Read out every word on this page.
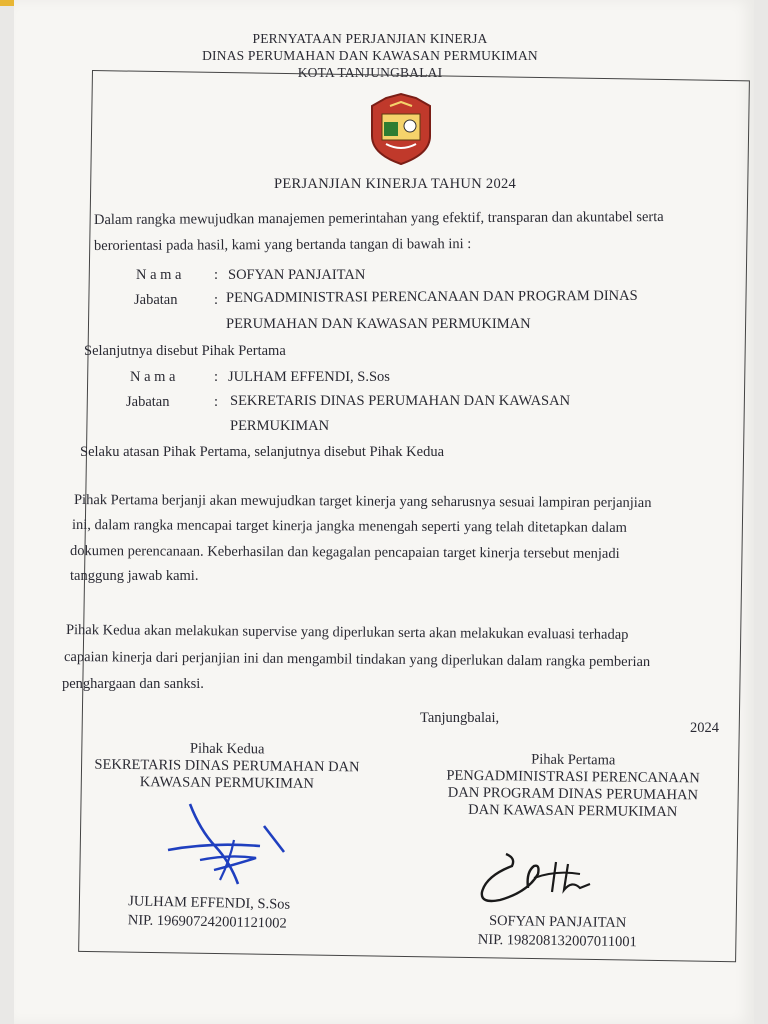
PERNYATAAN PERJANJIAN KINERJA
DINAS PERUMAHAN DAN KAWASAN PERMUKIMAN
KOTA TANJUNGBALAI
PERJANJIAN KINERJA TAHUN 2024
Dalam rangka mewujudkan manajemen pemerintahan yang efektif, transparan dan akuntabel serta
berorientasi pada hasil, kami yang bertanda tangan di bawah ini :
N a m a : SOFYAN PANJAITAN
Jabatan	: PENGADMINISTRASI PERENCANAAN DAN PROGRAM DINAS
PERUMAHAN DAN KAWASAN PERMUKIMAN
Selanjutnya disebut Pihak Pertama
N a m a	: JULHAM EFFENDI, S.Sos
Jabatan	: SEKRETARIS DINAS PERUMAHAN DAN KAWASAN
PERMUKIMAN
Selaku atasan Pihak Pertama, selanjutnya disebut Pihak Kedua
Pihak Pertama berjanji akan mewujudkan target kinerja yang seharusnya sesuai lampiran perjanjian
ini, dalam rangka mencapai target kinerja jangka menengah seperti yang telah ditetapkan dalam
dokumen perencanaan. Keberhasilan dan kegagalan pencapaian target kinerja tersebut menjadi
tanggung jawab kami.
Pihak Kedua akan melakukan supervise yang diperlukan serta akan melakukan evaluasi terhadap
capaian kinerja dari perjanjian ini dan mengambil tindakan yang diperlukan dalam rangka pemberian
penghargaan dan sanksi.
Tanjungbalai,
2024
Pihak Kedua
SEKRETARIS DINAS PERUMAHAN DAN
KAWASAN PERMUKIMAN
Pihak Pertama
PENGADMINISTRASI PERENCANAAN
DAN PROGRAM DINAS PERUMAHAN
DAN KAWASAN PERMUKIMAN
JULHAM EFFENDI, S.Sos
NIP. 196907242001121002	SOFYAN PANJAITAN
NIP. 198208132007011001
